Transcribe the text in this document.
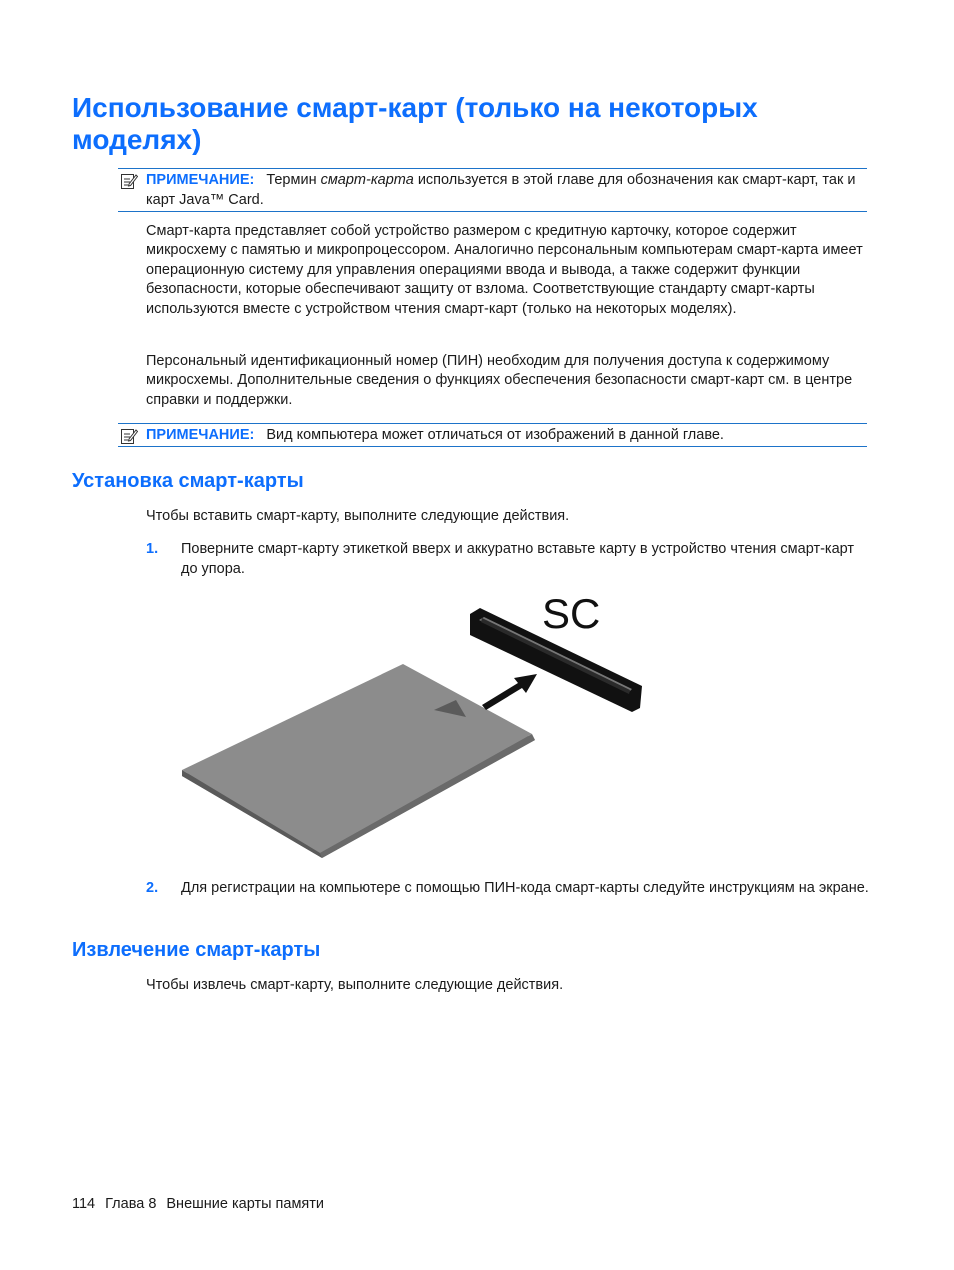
Использование смарт-карт (только на некоторых моделях)
ПРИМЕЧАНИЕ: Термин смарт-карта используется в этой главе для обозначения как смарт-карт, так и карт Java™ Card.

Смарт-карта представляет собой устройство размером с кредитную карточку, которое содержит микросхему с памятью и микропроцессором. Аналогично персональным компьютерам смарт-карта имеет операционную систему для управления операциями ввода и вывода, а также содержит функции безопасности, которые обеспечивают защиту от взлома. Соответствующие стандарту смарт-карты используются вместе с устройством чтения смарт-карт (только на некоторых моделях).

Персональный идентификационный номер (ПИН) необходим для получения доступа к содержимому микросхемы. Дополнительные сведения о функциях обеспечения безопасности смарт-карт см. в центре справки и поддержки.

ПРИМЕЧАНИЕ: Вид компьютера может отличаться от изображений в данной главе.
Установка смарт-карты

Чтобы вставить смарт-карту, выполните следующие действия.

1. Поверните смарт-карту этикеткой вверх и аккуратно вставьте карту в устройство чтения смарт-карт до упора.

SC
2. Для регистрации на компьютере с помощью ПИН-кода смарт-карты следуйте инструкциям на экране.

Извлечение смарт-карты

Чтобы извлечь смарт-карту, выполните следующие действия.

114 Глава 8 Внешние карты памяти
